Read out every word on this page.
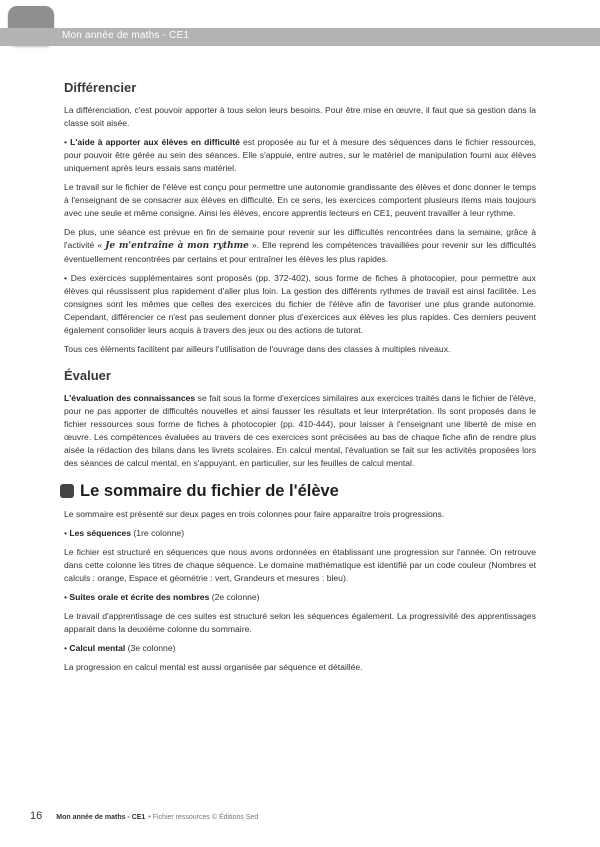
Mon année de maths - CE1
Différencier

La différenciation, c'est pouvoir apporter à tous selon leurs besoins. Pour être mise en œuvre, il faut que sa gestion dans la classe soit aisée.

• L'aide à apporter aux élèves en difficulté est proposée au fur et à mesure des séquences dans le fichier ressources, pour pouvoir être gérée au sein des séances. Elle s'appuie, entre autres, sur le matériel de manipulation fourni aux élèves uniquement après leurs essais sans matériel.

Le travail sur le fichier de l'élève est conçu pour permettre une autonomie grandissante des élèves et donc donner le temps à l'enseignant de se consacrer aux élèves en difficulté. En ce sens, les exercices comportent plusieurs items mais toujours avec une seule et même consigne. Ainsi les élèves, encore apprentis lecteurs en CE1, peuvent travailler à leur rythme.

De plus, une séance est prévue en fin de semaine pour revenir sur les difficultés rencontrées dans la semaine, grâce à l'activité « Je m'entraîne à mon rythme ». Elle reprend les compétences travaillées pour revenir sur les difficultés éventuellement rencontrées par certains et pour entraîner les élèves les plus rapides.

• Des exercices supplémentaires sont proposés (pp. 372-402), sous forme de fiches à photocopier, pour permettre aux élèves qui réussissent plus rapidement d'aller plus loin. La gestion des différents rythmes de travail est ainsi facilitée. Les consignes sont les mêmes que celles des exercices du fichier de l'élève afin de favoriser une plus grande autonomie. Cependant, différencier ce n'est pas seulement donner plus d'exercices aux élèves les plus rapides. Ces derniers peuvent également consolider leurs acquis à travers des jeux ou des actions de tutorat.

Tous ces éléments facilitent par ailleurs l'utilisation de l'ouvrage dans des classes à multiples niveaux.

Évaluer

L'évaluation des connaissances se fait sous la forme d'exercices similaires aux exercices traités dans le fichier de l'élève, pour ne pas apporter de difficultés nouvelles et ainsi fausser les résultats et leur interprétation. Ils sont proposés dans le fichier ressources sous forme de fiches à photocopier (pp. 410-444), pour laisser à l'enseignant une liberté de mise en œuvre. Les compétences évaluées au travers de ces exercices sont précisées au bas de chaque fiche afin de rendre plus aisée la rédaction des bilans dans les livrets scolaires. En calcul mental, l'évaluation se fait sur les activités proposées lors des séances de calcul mental, en s'appuyant, en particulier, sur les feuilles de calcul mental.

Le sommaire du fichier de l'élève

Le sommaire est présenté sur deux pages en trois colonnes pour faire apparaitre trois progressions.

• Les séquences (1re colonne)

Le fichier est structuré en séquences que nous avons ordonnées en établissant une progression sur l'année. On retrouve dans cette colonne les titres de chaque séquence. Le domaine mathématique est identifié par un code couleur (Nombres et calculs : orange, Espace et géométrie : vert, Grandeurs et mesures : bleu).

• Suites orale et écrite des nombres (2e colonne)

Le travail d'apprentissage de ces suites est structuré selon les séquences également. La progressivité des apprentissages apparait dans la deuxième colonne du sommaire.

• Calcul mental (3e colonne)

La progression en calcul mental est aussi organisée par séquence et détaillée.

16 Mon année de maths - CE1 • Fichier ressources © Éditions Sed
